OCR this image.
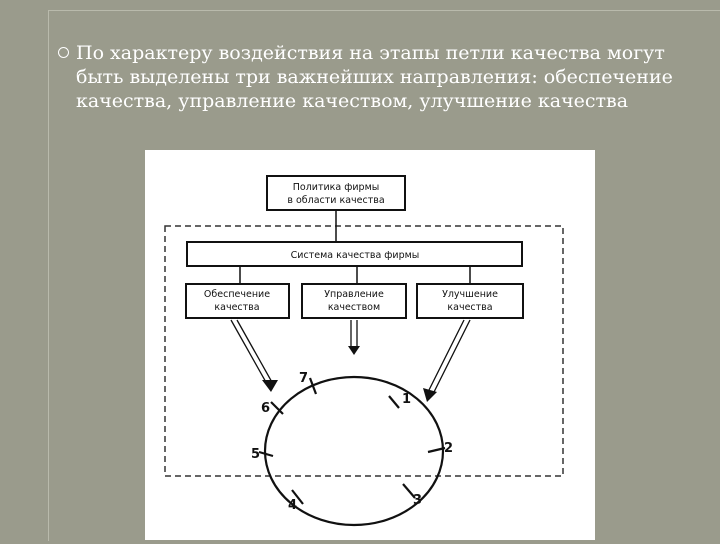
По характеру воздействия на этапы петли качества могут быть выделены три важнейших направления: обеспечение качества, управление качеством, улучшение качества

Политика фирмы
в области качества
Система качества фирмы
Обеспечение
качества
Управление
качеством
Улучшение
качества
7
1
2
3
4
5
6
